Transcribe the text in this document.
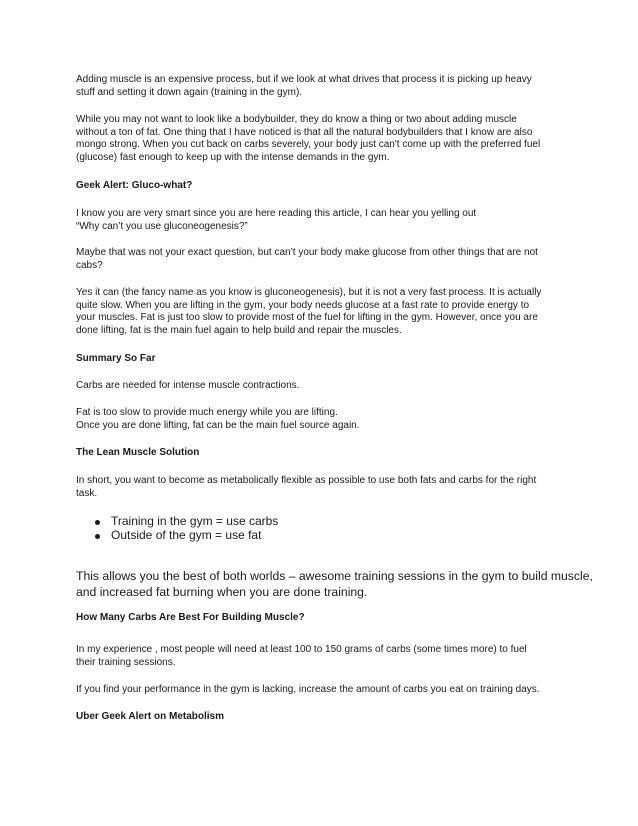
Adding muscle is an expensive process, but if we look at what drives that process it is picking up heavy
stuff and setting it down again (training in the gym).

While you may not want to look like a bodybuilder, they do know a thing or two about adding muscle
without a ton of fat. One thing that I have noticed is that all the natural bodybuilders that I know are also
mongo strong. When you cut back on carbs severely, your body just can't come up with the preferred fuel
(glucose) fast enough to keep up with the intense demands in the gym.

Geek Alert: Gluco-what?

I know you are very smart since you are here reading this article, I can hear you yelling out
“Why can’t you use gluconeogenesis?”

Maybe that was not your exact question, but can’t your body make glucose from other things that are not
cabs?

Yes it can (the fancy name as you know is gluconeogenesis), but it is not a very fast process. It is actually
quite slow. When you are lifting in the gym, your body needs glucose at a fast rate to provide energy to
your muscles. Fat is just too slow to provide most of the fuel for lifting in the gym. However, once you are
done lifting, fat is the main fuel again to help build and repair the muscles.

Summary So Far

Carbs are needed for intense muscle contractions.

Fat is too slow to provide much energy while you are lifting.
Once you are done lifting, fat can be the main fuel source again.

The Lean Muscle Solution

In short, you want to become as metabolically flexible as possible to use both fats and carbs for the right
task.

Training in the gym = use carbs
Outside of the gym = use fat

This allows you the best of both worlds – awesome training sessions in the gym to build muscle,
and increased fat burning when you are done training.

How Many Carbs Are Best For Building Muscle?

In my experience , most people will need at least 100 to 150 grams of carbs (some times more) to fuel
their training sessions.

If you find your performance in the gym is lacking, increase the amount of carbs you eat on training days.

Uber Geek Alert on Metabolism
